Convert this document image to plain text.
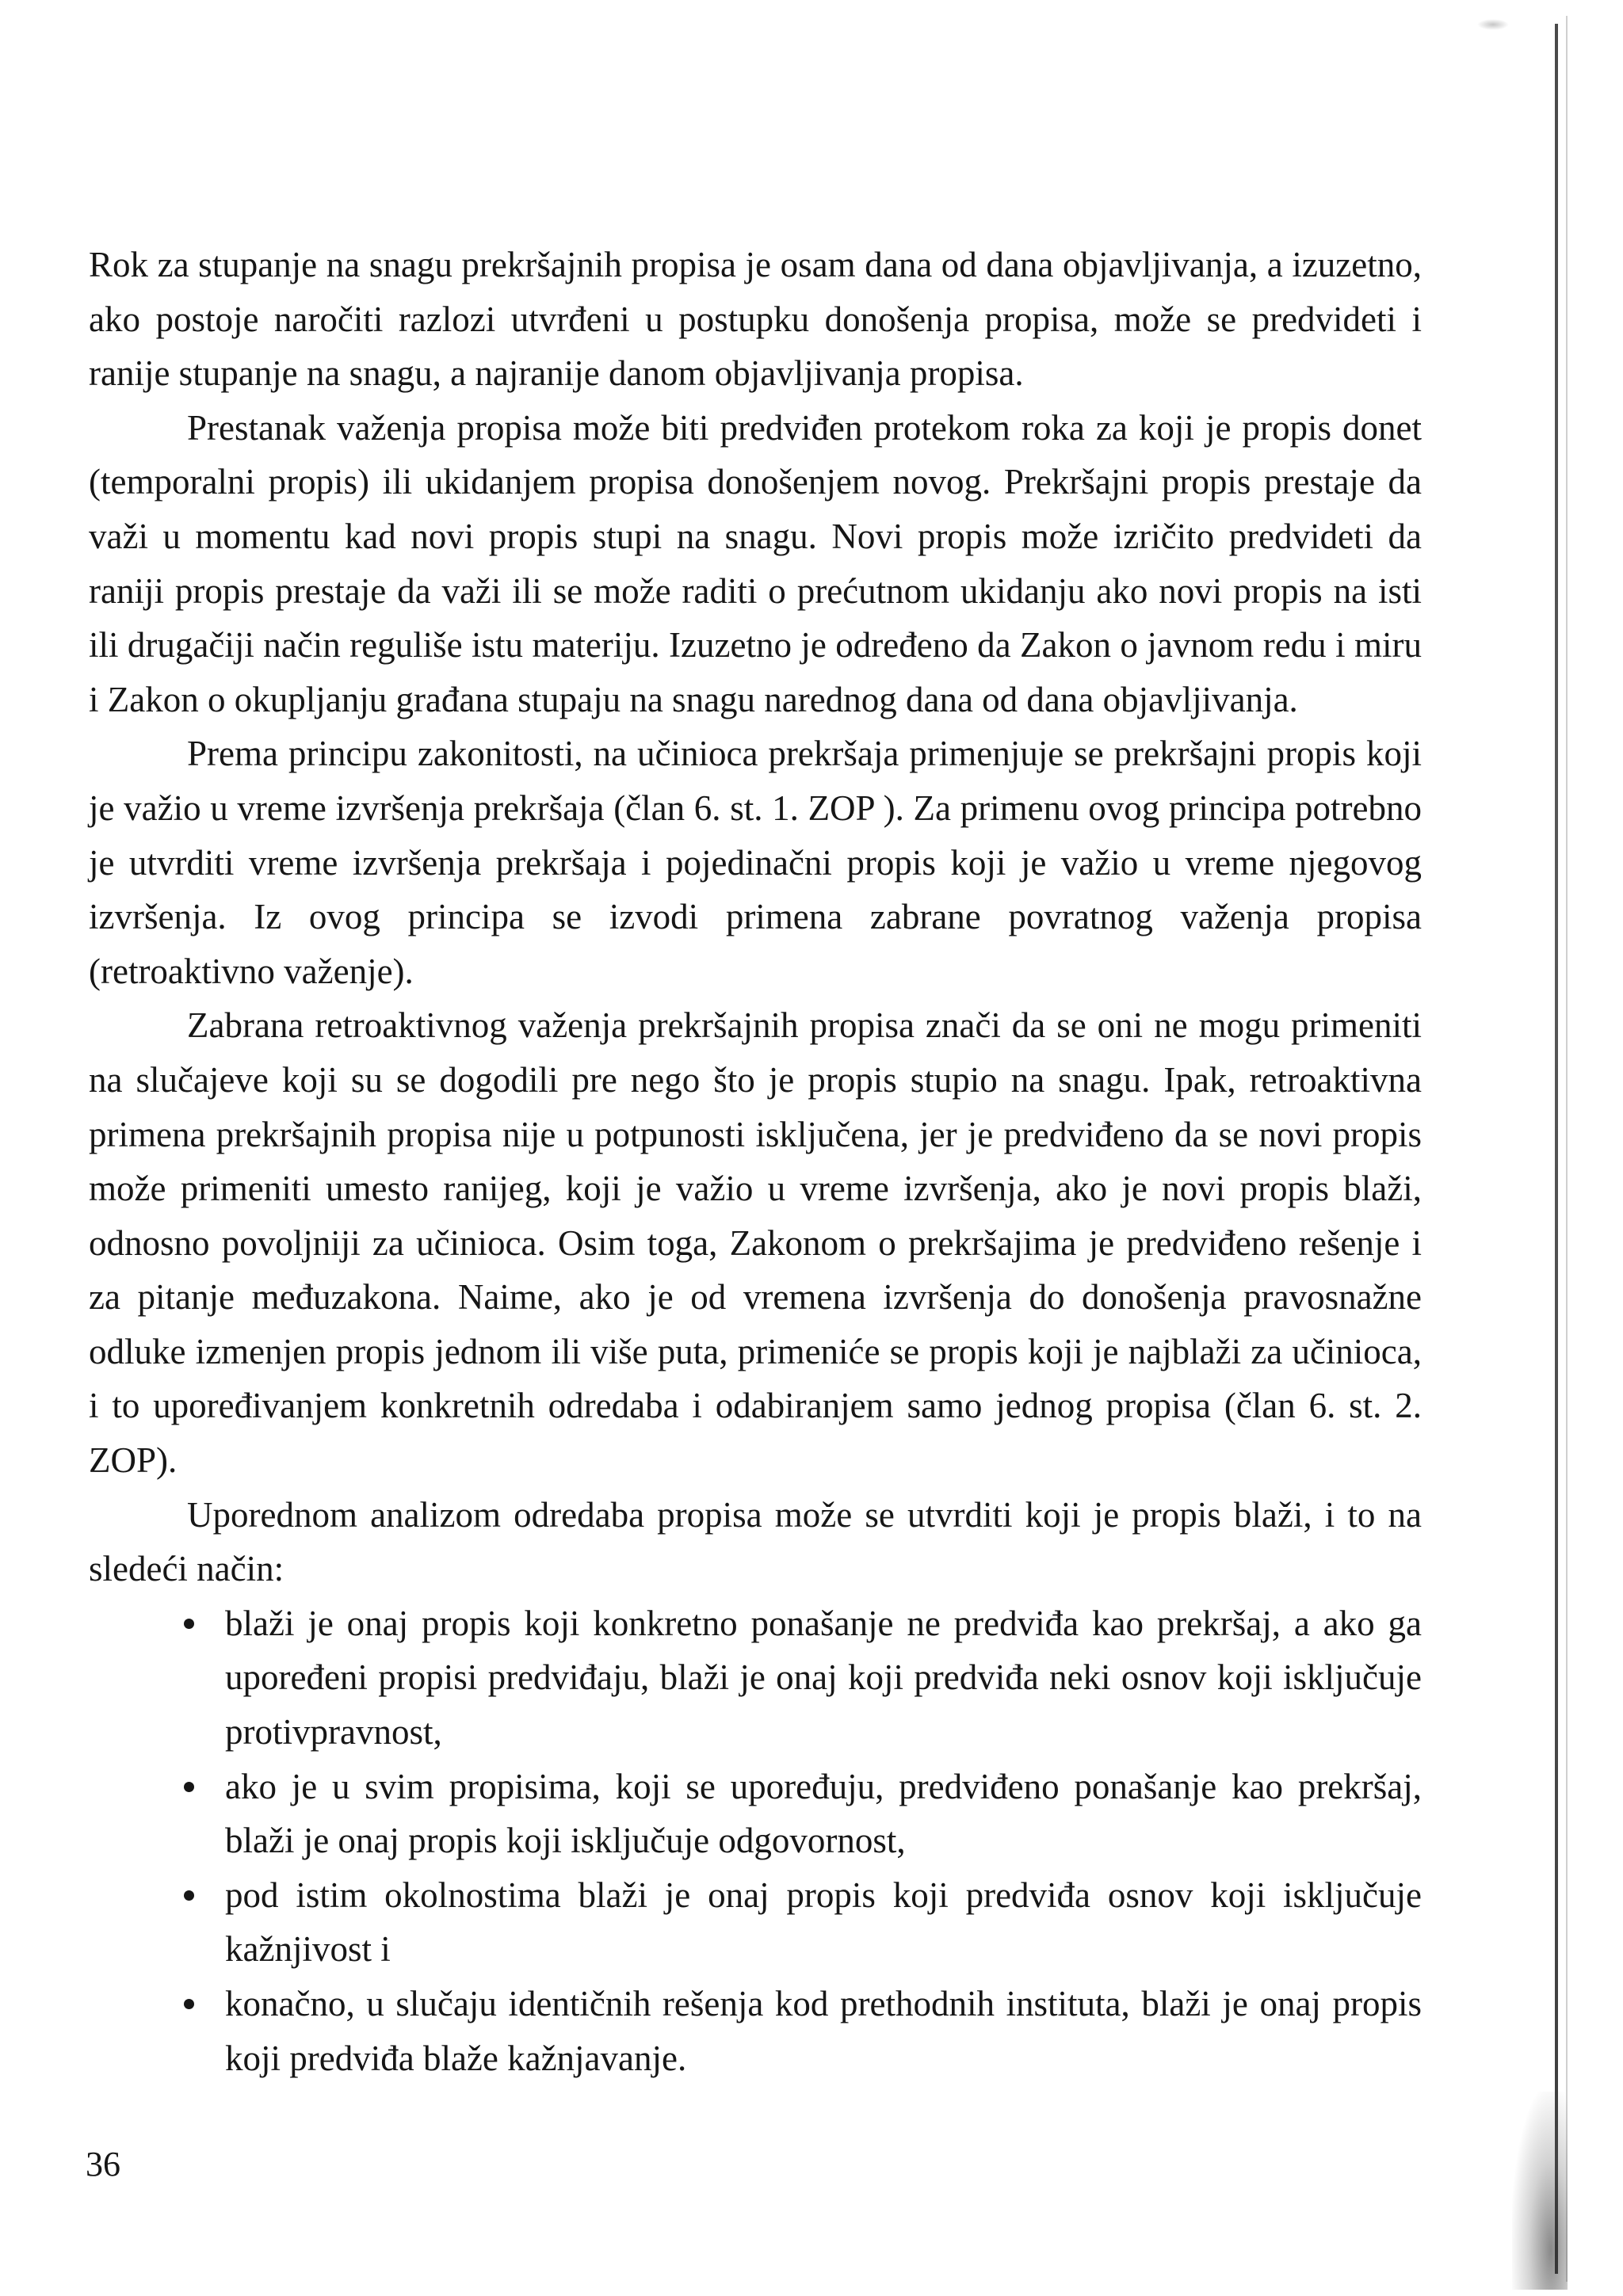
Rok za stupanje na snagu prekršajnih propisa je osam dana od dana objavljivanja, a izuzetno, ako postoje naročiti razlozi utvrđeni u postupku donošenja propisa, može se predvideti i ranije stupanje na snagu, a najranije danom objavljivanja propisa.

Prestanak važenja propisa može biti predviđen protekom roka za koji je propis donet (temporalni propis) ili ukidanjem propisa donošenjem novog. Prekršajni propis prestaje da važi u momentu kad novi propis stupi na snagu. Novi propis može izričito predvideti da raniji propis prestaje da važi ili se može raditi o prećutnom ukidanju ako novi propis na isti ili drugačiji način reguliše istu materiju. Izuzetno je određeno da Zakon o javnom redu i miru i Zakon o okupljanju građana stupaju na snagu narednog dana od dana objavljivanja.

Prema principu zakonitosti, na učinioca prekršaja primenjuje se prekršajni propis koji je važio u vreme izvršenja prekršaja (član 6. st. 1. ZOP ). Za primenu ovog principa potrebno je utvrditi vreme izvršenja prekršaja i pojedinačni propis koji je važio u vreme njegovog izvršenja. Iz ovog principa se izvodi primena zabrane povratnog važenja propisa (retroaktivno važenje).

Zabrana retroaktivnog važenja prekršajnih propisa znači da se oni ne mogu primeniti na slučajeve koji su se dogodili pre nego što je propis stupio na snagu. Ipak, retroaktivna primena prekršajnih propisa nije u potpunosti isključena, jer je predviđeno da se novi propis može primeniti umesto ranijeg, koji je važio u vreme izvršenja, ako je novi propis blaži, odnosno povoljniji za učinioca. Osim toga, Zakonom o prekršajima je predviđeno rešenje i za pitanje međuzakona. Naime, ako je od vremena izvršenja do donošenja pravosnažne odluke izmenjen propis jednom ili više puta, primeniće se propis koji je najblaži za učinioca, i to upoređivanjem konkretnih odredaba i odabiranjem samo jednog propisa (član 6. st. 2. ZOP).

Uporednom analizom odredaba propisa može se utvrditi koji je propis blaži, i to na sledeći način:

blaži je onaj propis koji konkretno ponašanje ne predviđa kao prekršaj, a ako ga upoređeni propisi predviđaju, blaži je onaj koji predviđa neki osnov koji isključuje protivpravnost,
ako je u svim propisima, koji se upoređuju, predviđeno ponašanje kao prekršaj, blaži je onaj propis koji isključuje odgovornost,
pod istim okolnostima blaži je onaj propis koji predviđa osnov koji isključuje kažnjivost i
konačno, u slučaju identičnih rešenja kod prethodnih instituta, blaži je onaj propis koji predviđa blaže kažnjavanje.
36
